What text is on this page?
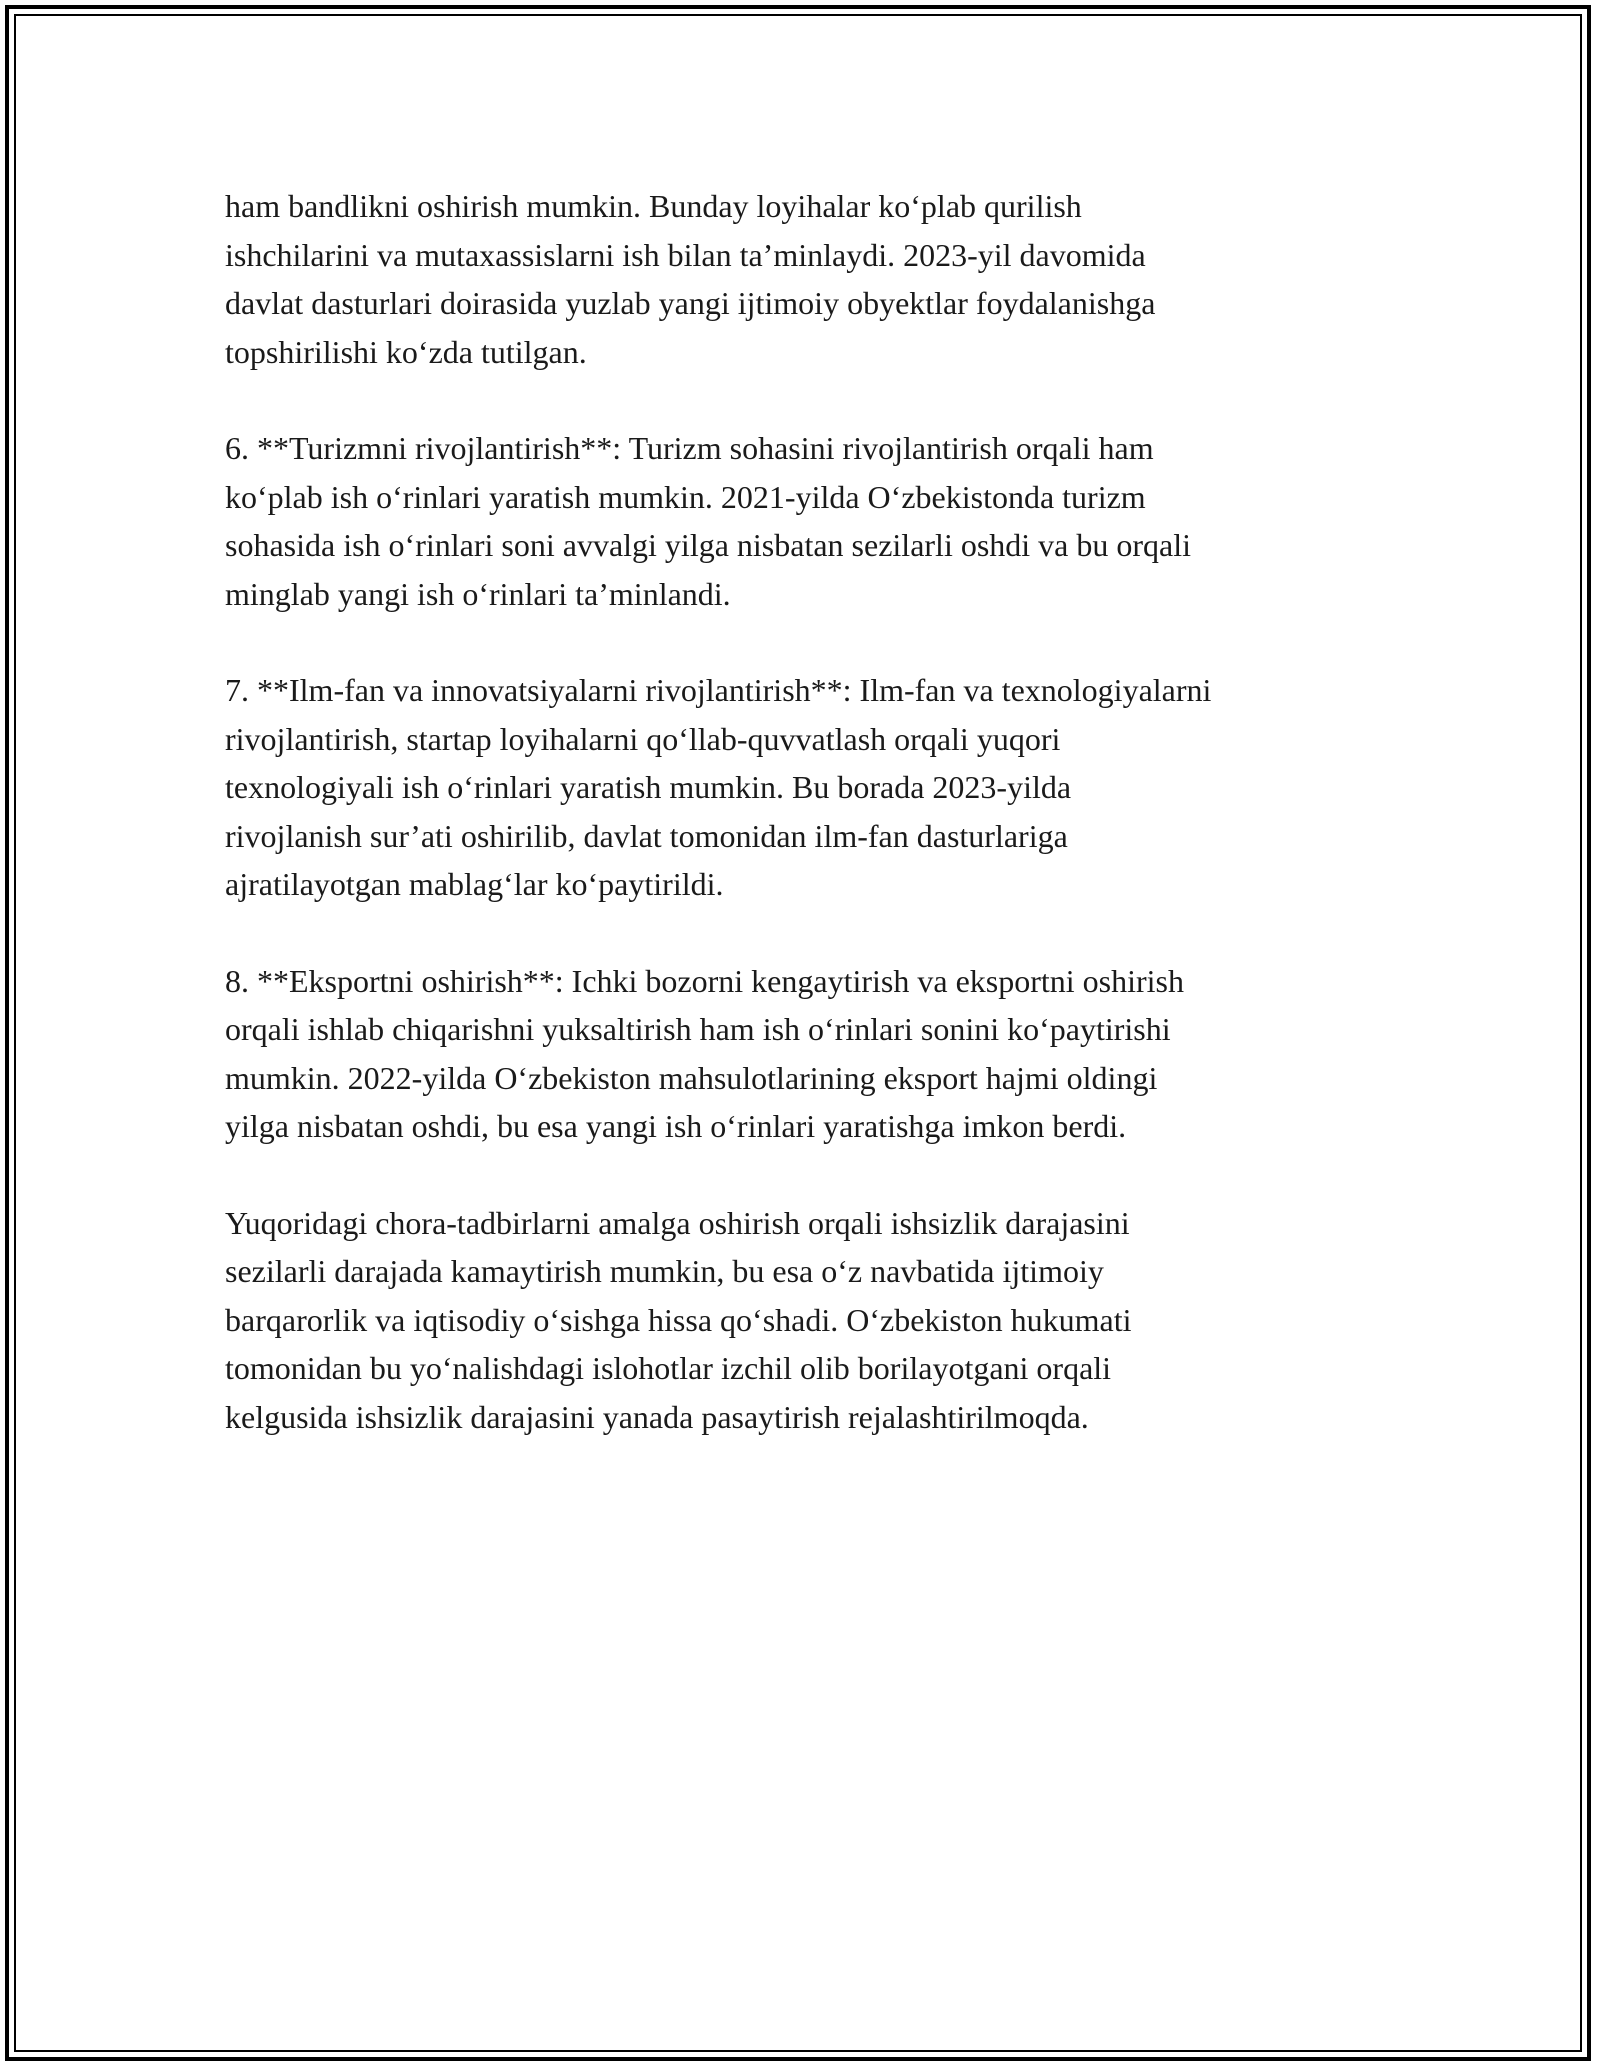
ham bandlikni oshirish mumkin. Bunday loyihalar ko‘plab qurilish
ishchilarini va mutaxassislarni ish bilan ta’minlaydi. 2023-yil davomida
davlat dasturlari doirasida yuzlab yangi ijtimoiy obyektlar foydalanishga
topshirilishi ko‘zda tutilgan.

6. **Turizmni rivojlantirish**: Turizm sohasini rivojlantirish orqali ham
ko‘plab ish o‘rinlari yaratish mumkin. 2021-yilda O‘zbekistonda turizm
sohasida ish o‘rinlari soni avvalgi yilga nisbatan sezilarli oshdi va bu orqali
minglab yangi ish o‘rinlari ta’minlandi.

7. **Ilm-fan va innovatsiyalarni rivojlantirish**: Ilm-fan va texnologiyalarni
rivojlantirish, startap loyihalarni qo‘llab-quvvatlash orqali yuqori
texnologiyali ish o‘rinlari yaratish mumkin. Bu borada 2023-yilda
rivojlanish sur’ati oshirilib, davlat tomonidan ilm-fan dasturlariga
ajratilayotgan mablag‘lar ko‘paytirildi.

8. **Eksportni oshirish**: Ichki bozorni kengaytirish va eksportni oshirish
orqali ishlab chiqarishni yuksaltirish ham ish o‘rinlari sonini ko‘paytirishi
mumkin. 2022-yilda O‘zbekiston mahsulotlarining eksport hajmi oldingi
yilga nisbatan oshdi, bu esa yangi ish o‘rinlari yaratishga imkon berdi.

Yuqoridagi chora-tadbirlarni amalga oshirish orqali ishsizlik darajasini
sezilarli darajada kamaytirish mumkin, bu esa o‘z navbatida ijtimoiy
barqarorlik va iqtisodiy o‘sishga hissa qo‘shadi. O‘zbekiston hukumati
tomonidan bu yo‘nalishdagi islohotlar izchil olib borilayotgani orqali
kelgusida ishsizlik darajasini yanada pasaytirish rejalashtirilmoqda.
